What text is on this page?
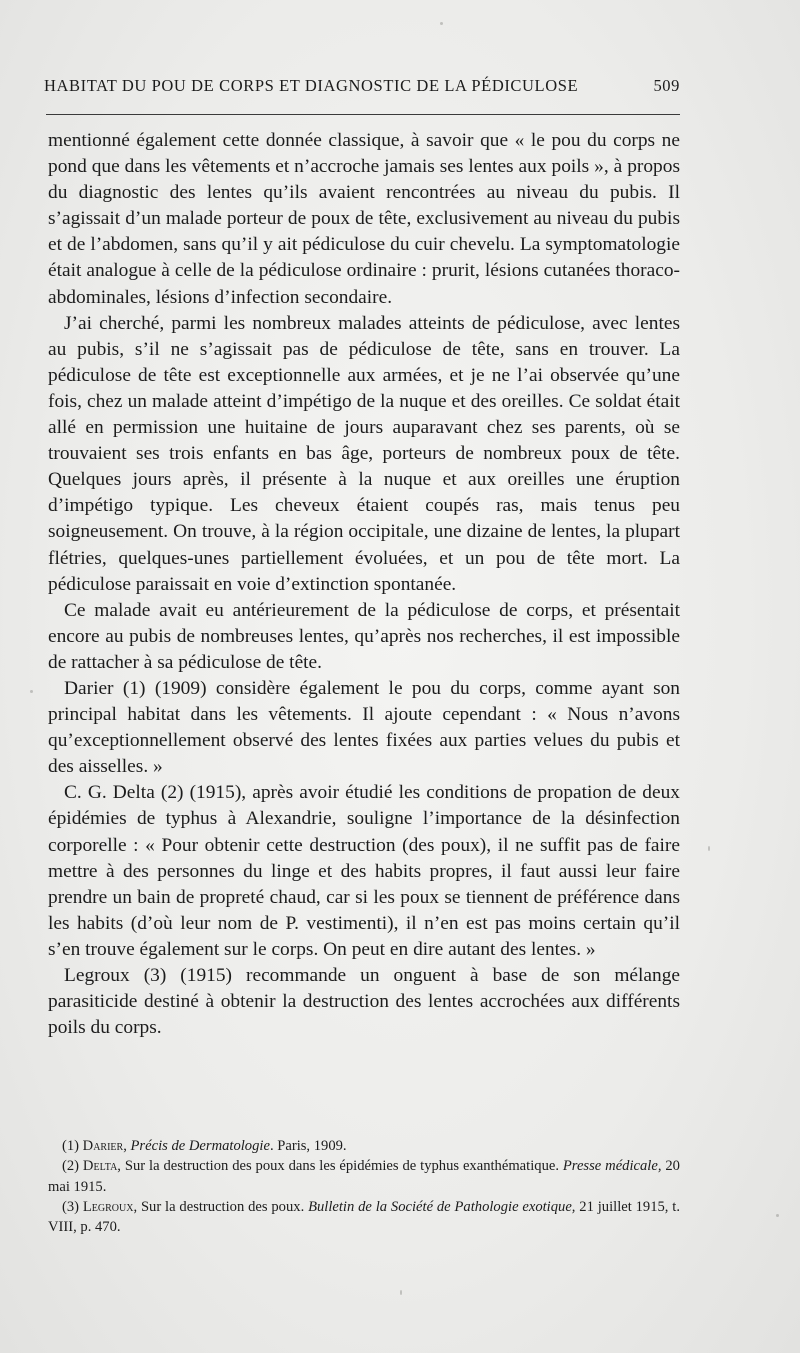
HABITAT DU POU DE CORPS ET DIAGNOSTIC DE LA PÉDICULOSE	509

mentionné également cette donnée classique, à savoir que « le pou du corps ne pond que dans les vêtements et n’accroche jamais ses lentes aux poils », à propos du diagnostic des lentes qu’ils avaient rencontrées au niveau du pubis. Il s’agissait d’un malade porteur de poux de tête, exclusivement au niveau du pubis et de l’abdomen, sans qu’il y ait pédiculose du cuir chevelu. La symptomatologie était analogue à celle de la pédiculose ordinaire : prurit, lésions cutanées thoraco-abdominales, lésions d’infection secondaire.

J’ai cherché, parmi les nombreux malades atteints de pédiculose, avec lentes au pubis, s’il ne s’agissait pas de pédiculose de tête, sans en trouver. La pédiculose de tête est exceptionnelle aux armées, et je ne l’ai observée qu’une fois, chez un malade atteint d’impétigo de la nuque et des oreilles. Ce soldat était allé en permission une huitaine de jours auparavant chez ses parents, où se trouvaient ses trois enfants en bas âge, porteurs de nombreux poux de tête. Quelques jours après, il présente à la nuque et aux oreilles une éruption d’impétigo typique. Les cheveux étaient coupés ras, mais tenus peu soigneusement. On trouve, à la région occipitale, une dizaine de lentes, la plupart flétries, quelques-unes partiellement évoluées, et un pou de tête mort. La pédiculose paraissait en voie d’extinction spontanée.

Ce malade avait eu antérieurement de la pédiculose de corps, et présentait encore au pubis de nombreuses lentes, qu’après nos recherches, il est impossible de rattacher à sa pédiculose de tête.

Darier (1) (1909) considère également le pou du corps, comme ayant son principal habitat dans les vêtements. Il ajoute cependant : « Nous n’avons qu’exceptionnellement observé des lentes fixées aux parties velues du pubis et des aisselles. »

C. G. Delta (2) (1915), après avoir étudié les conditions de propation de deux épidémies de typhus à Alexandrie, souligne l’importance de la désinfection corporelle : « Pour obtenir cette destruction (des poux), il ne suffit pas de faire mettre à des personnes du linge et des habits propres, il faut aussi leur faire prendre un bain de propreté chaud, car si les poux se tiennent de préférence dans les habits (d’où leur nom de P. vestimenti), il n’en est pas moins certain qu’il s’en trouve également sur le corps. On peut en dire autant des lentes. »

Legroux (3) (1915) recommande un onguent à base de son mélange parasiticide destiné à obtenir la destruction des lentes accrochées aux différents poils du corps.

(1) Darier, Précis de Dermatologie. Paris, 1909.

(2) Delta, Sur la destruction des poux dans les épidémies de typhus exanthématique. Presse médicale, 20 mai 1915.

(3) Legroux, Sur la destruction des poux. Bulletin de la Société de Pathologie exotique, 21 juillet 1915, t. VIII, p. 470.
